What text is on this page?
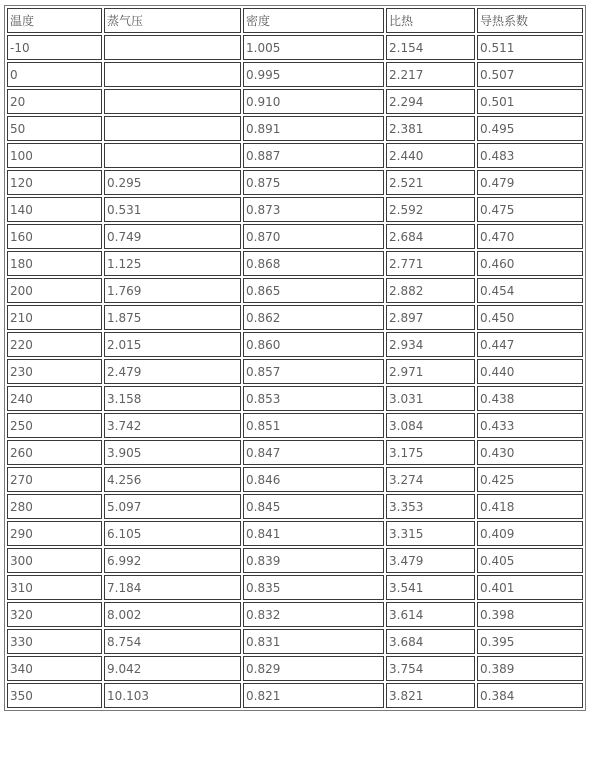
温度	蒸气压	密度	比热	导热系数
-10		1.005	2.154	0.511
0		0.995	2.217	0.507
20		0.910	2.294	0.501
50		0.891	2.381	0.495
100		0.887	2.440	0.483
120	0.295	0.875	2.521	0.479
140	0.531	0.873	2.592	0.475
160	0.749	0.870	2.684	0.470
180	1.125	0.868	2.771	0.460
200	1.769	0.865	2.882	0.454
210	1.875	0.862	2.897	0.450
220	2.015	0.860	2.934	0.447
230	2.479	0.857	2.971	0.440
240	3.158	0.853	3.031	0.438
250	3.742	0.851	3.084	0.433
260	3.905	0.847	3.175	0.430
270	4.256	0.846	3.274	0.425
280	5.097	0.845	3.353	0.418
290	6.105	0.841	3.315	0.409
300	6.992	0.839	3.479	0.405
310	7.184	0.835	3.541	0.401
320	8.002	0.832	3.614	0.398
330	8.754	0.831	3.684	0.395
340	9.042	0.829	3.754	0.389
350	10.103	0.821	3.821	0.384
